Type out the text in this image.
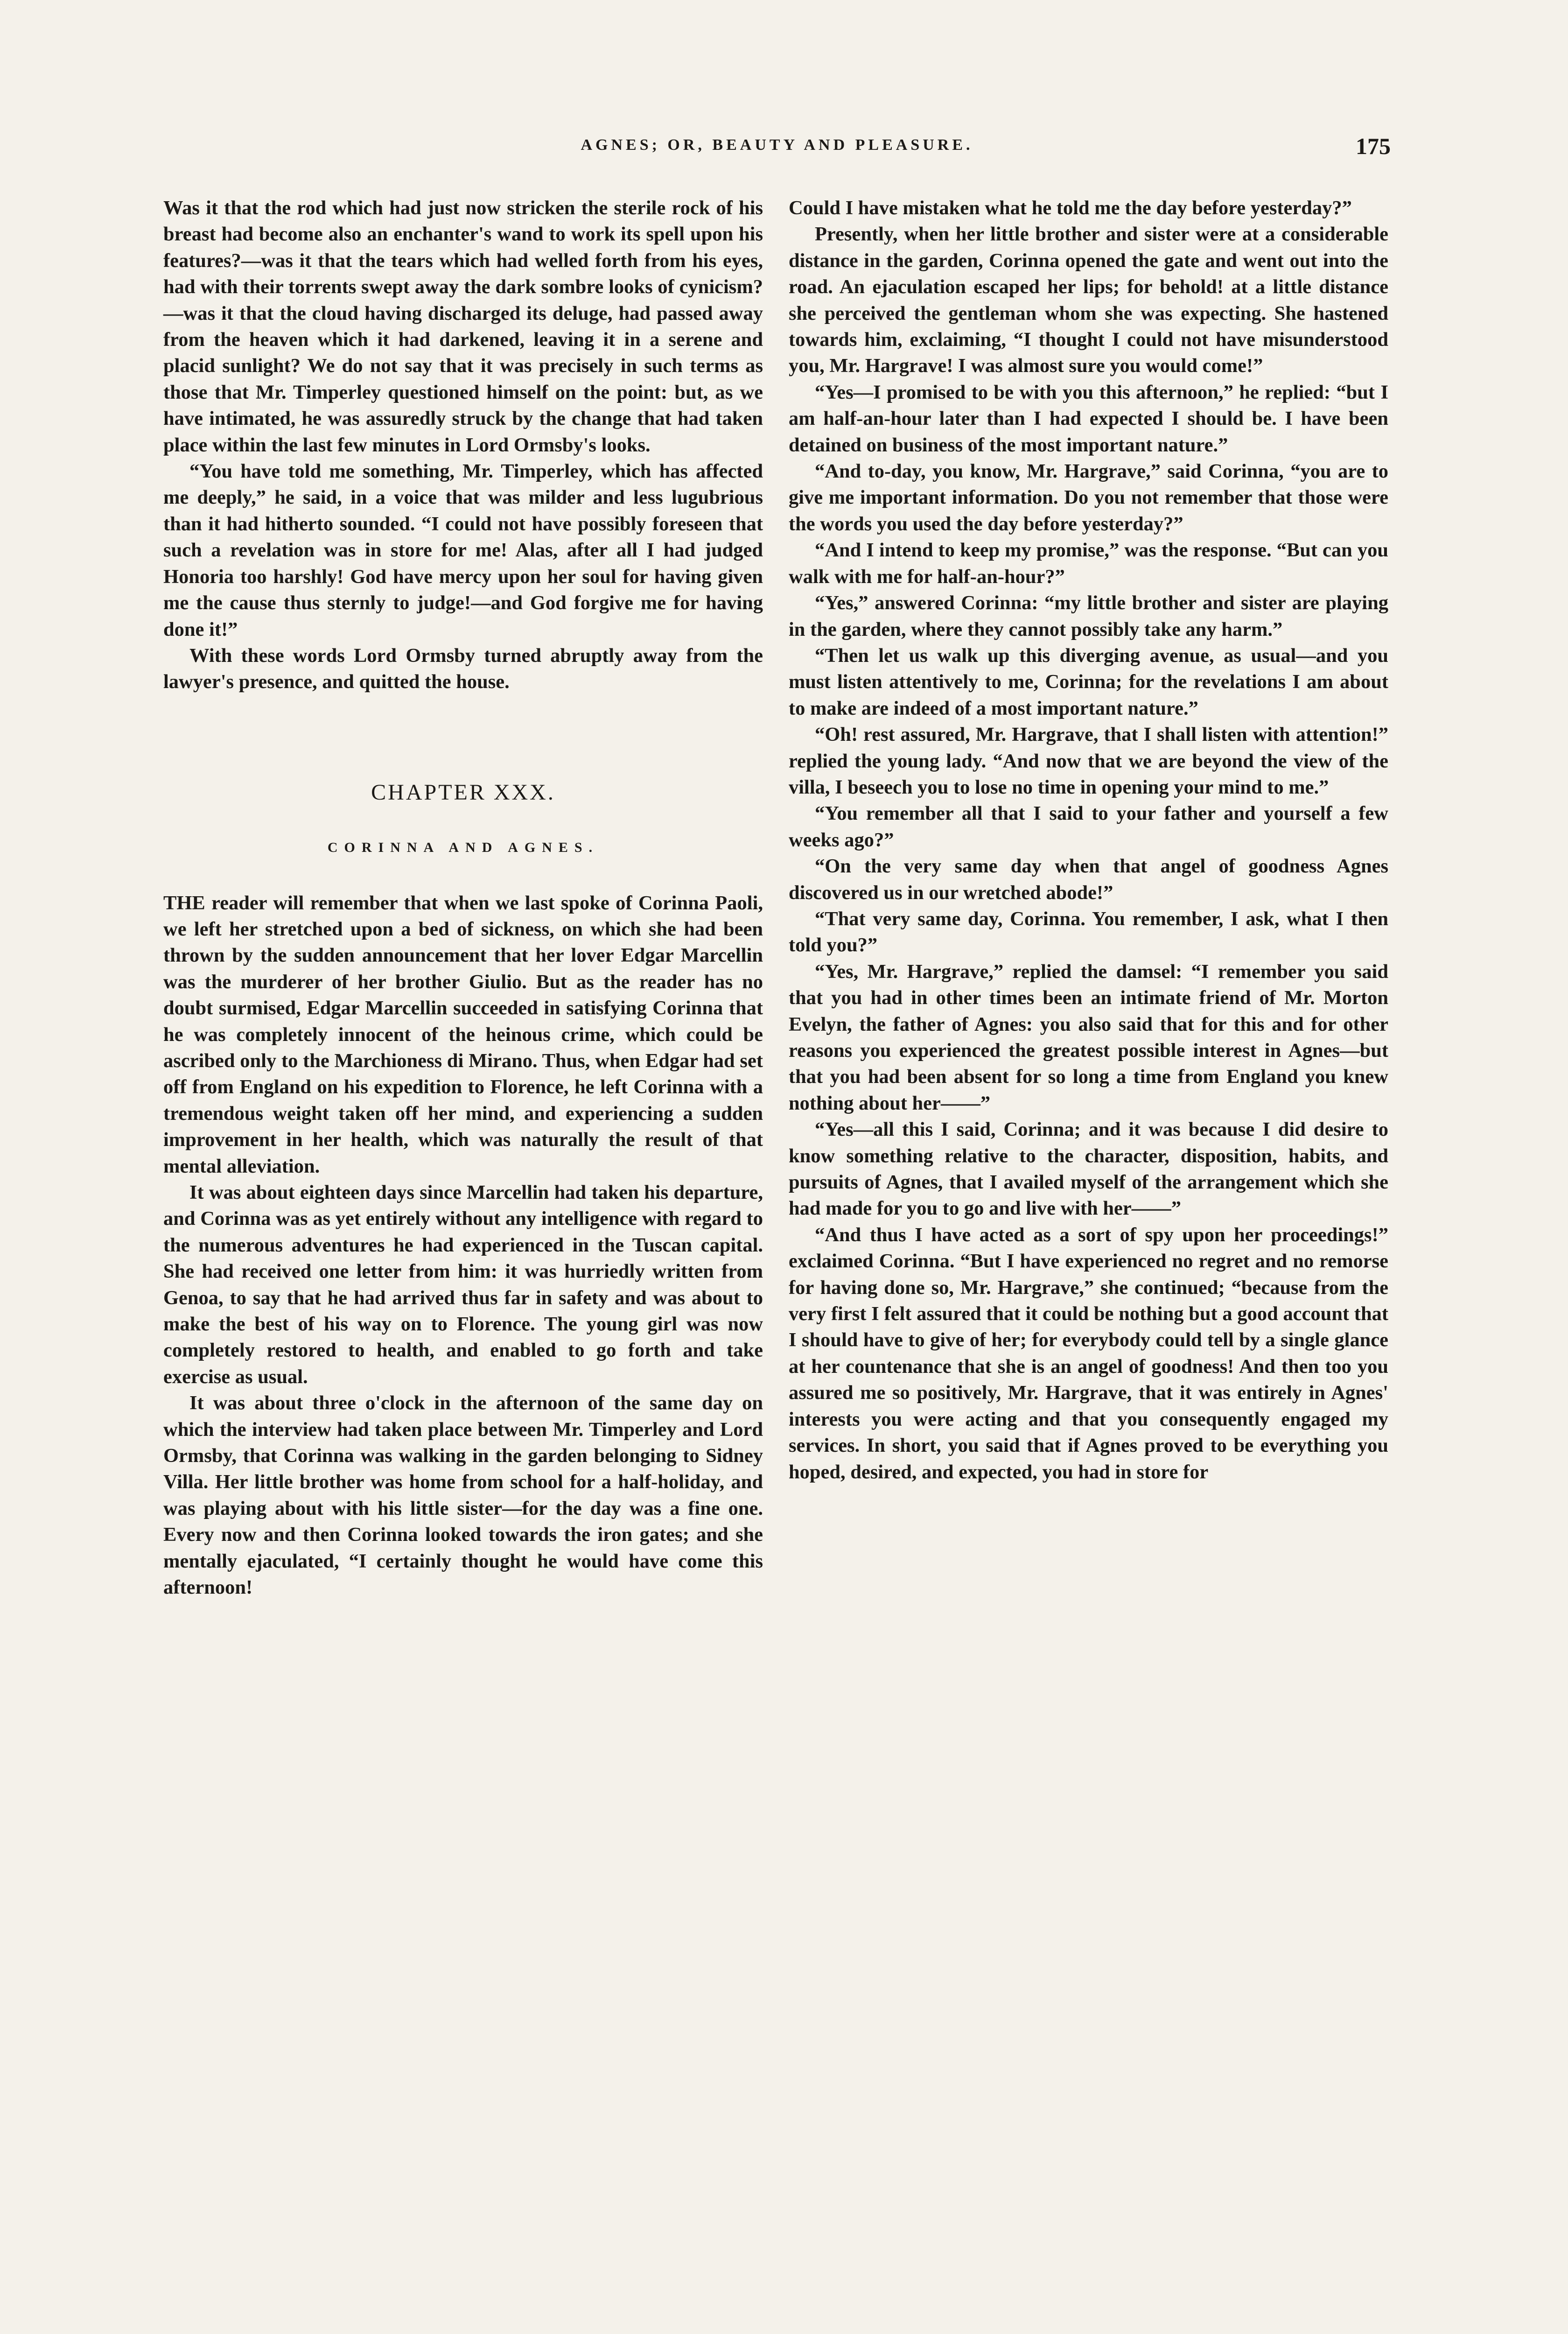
AGNES; OR, BEAUTY AND PLEASURE.	175

Was it that the rod which had just now stricken the sterile rock of his breast had become also an enchanter's wand to work its spell upon his features?—was it that the tears which had welled forth from his eyes, had with their torrents swept away the dark sombre looks of cynicism?—was it that the cloud having discharged its deluge, had passed away from the heaven which it had darkened, leaving it in a serene and placid sunlight? We do not say that it was precisely in such terms as those that Mr. Timperley questioned himself on the point: but, as we have intimated, he was assuredly struck by the change that had taken place within the last few minutes in Lord Ormsby's looks.

“You have told me something, Mr. Timperley, which has affected me deeply,” he said, in a voice that was milder and less lugubrious than it had hitherto sounded. “I could not have possibly foreseen that such a revelation was in store for me! Alas, after all I had judged Honoria too harshly! God have mercy upon her soul for having given me the cause thus sternly to judge!—and God forgive me for having done it!”

With these words Lord Ormsby turned abruptly away from the lawyer's presence, and quitted the house.

CHAPTER XXX.
CORINNA AND AGNES.

THE reader will remember that when we last spoke of Corinna Paoli, we left her stretched upon a bed of sickness, on which she had been thrown by the sudden announcement that her lover Edgar Marcellin was the murderer of her brother Giulio. But as the reader has no doubt surmised, Edgar Marcellin succeeded in satisfying Corinna that he was completely innocent of the heinous crime, which could be ascribed only to the Marchioness di Mirano. Thus, when Edgar had set off from England on his expedition to Florence, he left Corinna with a tremendous weight taken off her mind, and experiencing a sudden improvement in her health, which was naturally the result of that mental alleviation.

It was about eighteen days since Marcellin had taken his departure, and Corinna was as yet entirely without any intelligence with regard to the numerous adventures he had experienced in the Tuscan capital. She had received one letter from him: it was hurriedly written from Genoa, to say that he had arrived thus far in safety and was about to make the best of his way on to Florence. The young girl was now completely restored to health, and enabled to go forth and take exercise as usual.

It was about three o'clock in the afternoon of the same day on which the interview had taken place between Mr. Timperley and Lord Ormsby, that Corinna was walking in the garden belonging to Sidney Villa. Her little brother was home from school for a half-holiday, and was playing about with his little sister—for the day was a fine one. Every now and then Corinna looked towards the iron gates; and she mentally ejaculated, “I certainly thought he would have come this afternoon!

Could I have mistaken what he told me the day before yesterday?”

Presently, when her little brother and sister were at a considerable distance in the garden, Corinna opened the gate and went out into the road. An ejaculation escaped her lips; for behold! at a little distance she perceived the gentleman whom she was expecting. She hastened towards him, exclaiming, “I thought I could not have misunderstood you, Mr. Hargrave! I was almost sure you would come!”

“Yes—I promised to be with you this afternoon,” he replied: “but I am half-an-hour later than I had expected I should be. I have been detained on business of the most important nature.”

“And to-day, you know, Mr. Hargrave,” said Corinna, “you are to give me important information. Do you not remember that those were the words you used the day before yesterday?”

“And I intend to keep my promise,” was the response. “But can you walk with me for half-an-hour?”

“Yes,” answered Corinna: “my little brother and sister are playing in the garden, where they cannot possibly take any harm.”

“Then let us walk up this diverging avenue, as usual—and you must listen attentively to me, Corinna; for the revelations I am about to make are indeed of a most important nature.”

“Oh! rest assured, Mr. Hargrave, that I shall listen with attention!” replied the young lady. “And now that we are beyond the view of the villa, I beseech you to lose no time in opening your mind to me.”

“You remember all that I said to your father and yourself a few weeks ago?”

“On the very same day when that angel of goodness Agnes discovered us in our wretched abode!”

“That very same day, Corinna. You remember, I ask, what I then told you?”

“Yes, Mr. Hargrave,” replied the damsel: “I remember you said that you had in other times been an intimate friend of Mr. Morton Evelyn, the father of Agnes: you also said that for this and for other reasons you experienced the greatest possible interest in Agnes—but that you had been absent for so long a time from England you knew nothing about her——”

“Yes—all this I said, Corinna; and it was because I did desire to know something relative to the character, disposition, habits, and pursuits of Agnes, that I availed myself of the arrangement which she had made for you to go and live with her——”

“And thus I have acted as a sort of spy upon her proceedings!” exclaimed Corinna. “But I have experienced no regret and no remorse for having done so, Mr. Hargrave,” she continued; “because from the very first I felt assured that it could be nothing but a good account that I should have to give of her; for everybody could tell by a single glance at her countenance that she is an angel of goodness! And then too you assured me so positively, Mr. Hargrave, that it was entirely in Agnes' interests you were acting and that you consequently engaged my services. In short, you said that if Agnes proved to be everything you hoped, desired, and expected, you had in store for
